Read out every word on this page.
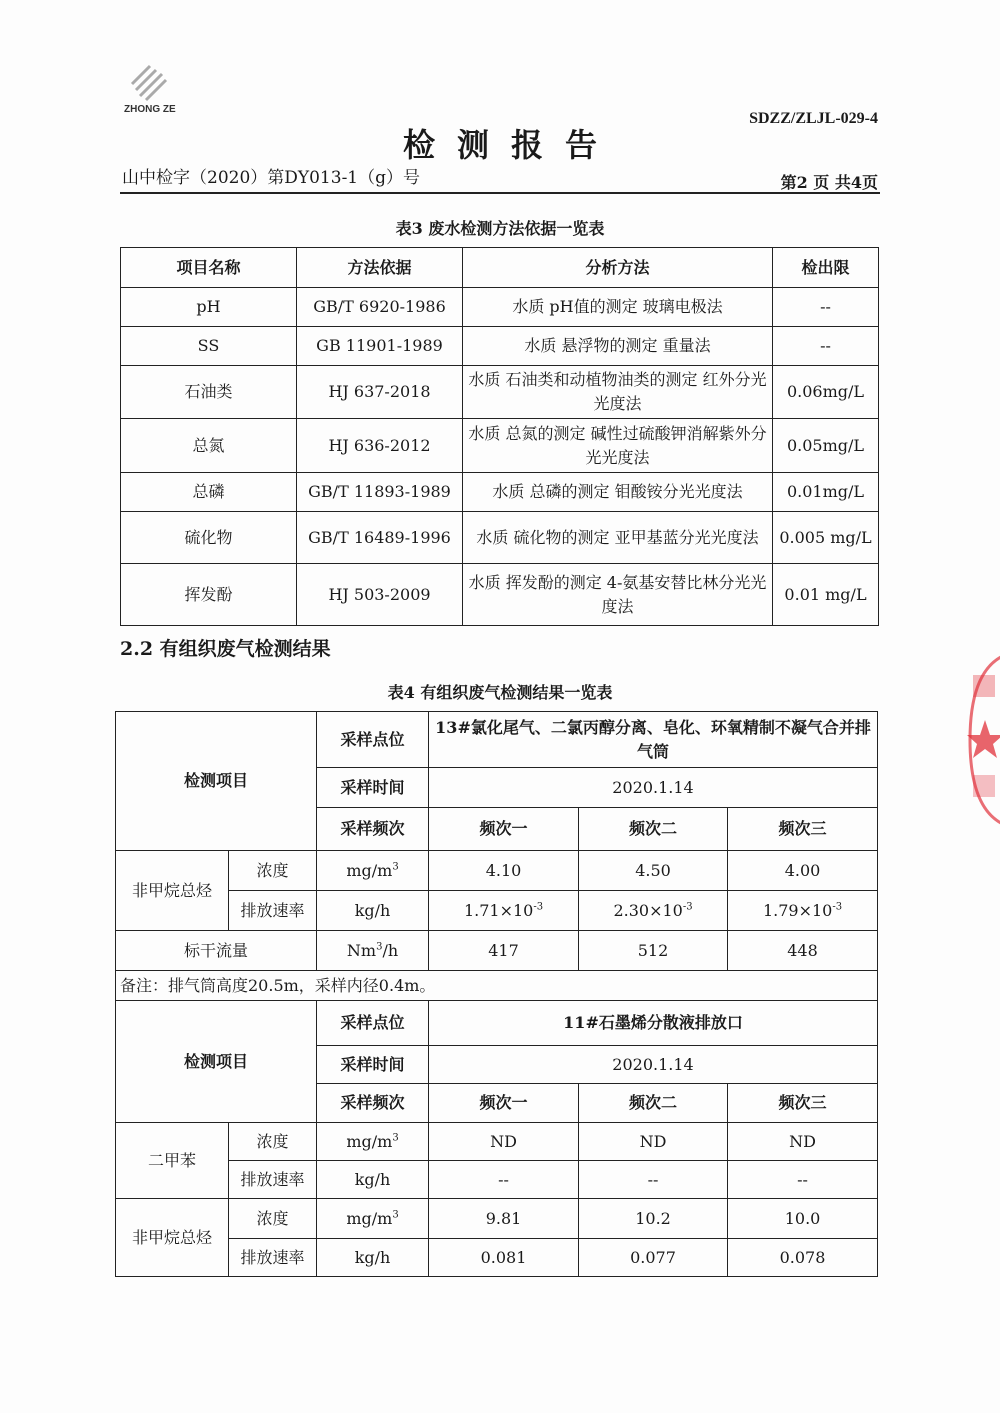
ZHONG ZE
SDZZ/ZLJL-029-4
检测报告
山中检字（2020）第DY013-1（g）号	第2 页 共4页
表3 废水检测方法依据一览表
项目名称	方法依据	分析方法	检出限
pH	GB/T 6920-1986	水质 pH值的测定 玻璃电极法	--
SS	GB 11901-1989	水质 悬浮物的测定 重量法	--
石油类	HJ 637-2018	水质 石油类和动植物油类的测定 红外分光光度法	0.06mg/L
总氮	HJ 636-2012	水质 总氮的测定 碱性过硫酸钾消解紫外分光光度法	0.05mg/L
总磷	GB/T 11893-1989	水质 总磷的测定 钼酸铵分光光度法	0.01mg/L
硫化物	GB/T 16489-1996	水质 硫化物的测定 亚甲基蓝分光光度法	0.005 mg/L
挥发酚	HJ 503-2009	水质 挥发酚的测定 4-氨基安替比林分光光度法	0.01 mg/L
2.2 有组织废气检测结果
表4 有组织废气检测结果一览表
检测项目		采样点位	13#氯化尾气、二氯丙醇分离、皂化、环氧精制不凝气合并排气筒		
		采样时间	2020.1.14		
		采样频次	频次一	频次二	频次三
非甲烷总烃	浓度	$mg/m^3$	4.10	4.50	4.00
	排放速率	kg/h	$1.71\times 10^{-3}$	$2.30\times 10^{-3}$	$1.79\times 10^{-3}$
标干流量		Nm$^3$/h	417	512	448
备注：排气筒高度20.5m，采样内径0.4m。					
检测项目		采样点位	11#石墨烯分散液排放口		
		采样时间	2020.1.14		
		采样频次	频次一	频次二	频次三
二甲苯	浓度	$mg/m^3$	ND	ND	ND
	排放速率	kg/h	--	--	--
非甲烷总烃	浓度	$mg/m^3$	9.81	10.2	10.0
	排放速率	kg/h	0.081	0.077	0.078
